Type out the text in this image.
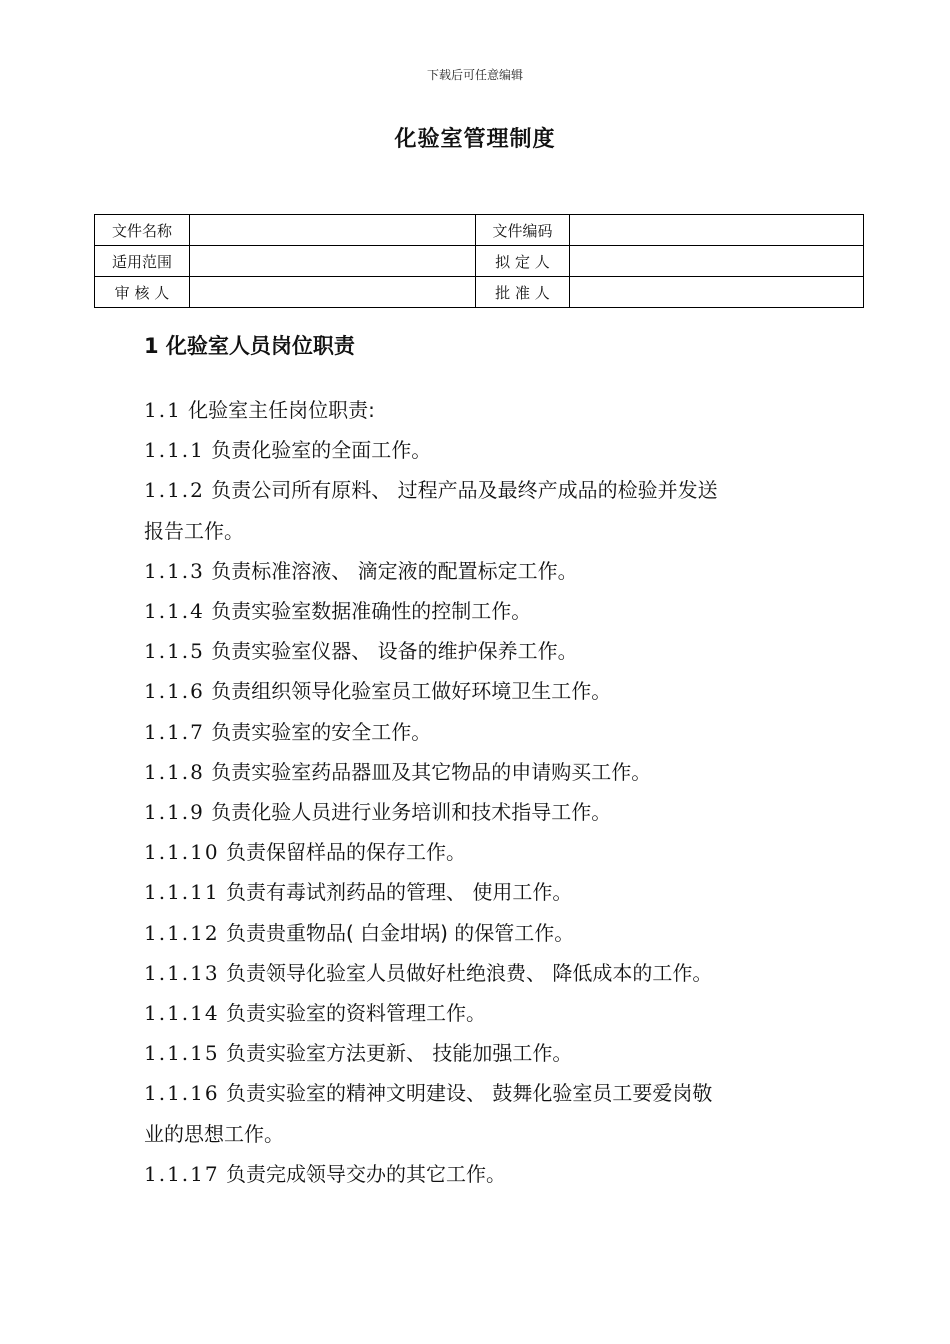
下载后可任意编辑
化验室管理制度
文件名称		文件编码	
适用范围		拟 定 人	
审 核 人		批 准 人	
1 化验室人员岗位职责

1.1 化验室主任岗位职责:

1.1.1 负责化验室的全面工作。

1.1.2 负责公司所有原料、 过程产品及最终产成品的检验并发送

报告工作。

1.1.3 负责标准溶液、 滴定液的配置标定工作。

1.1.4 负责实验室数据准确性的控制工作。

1.1.5 负责实验室仪器、 设备的维护保养工作。

1.1.6 负责组织领导化验室员工做好环境卫生工作。

1.1.7 负责实验室的安全工作。

1.1.8 负责实验室药品器皿及其它物品的申请购买工作。

1.1.9 负责化验人员进行业务培训和技术指导工作。

1.1.10 负责保留样品的保存工作。

1.1.11 负责有毒试剂药品的管理、 使用工作。

1.1.12 负责贵重物品( 白金坩埚) 的保管工作。

1.1.13 负责领导化验室人员做好杜绝浪费、 降低成本的工作。

1.1.14 负责实验室的资料管理工作。

1.1.15 负责实验室方法更新、 技能加强工作。

1.1.16 负责实验室的精神文明建设、 鼓舞化验室员工要爱岗敬

业的思想工作。

1.1.17 负责完成领导交办的其它工作。
